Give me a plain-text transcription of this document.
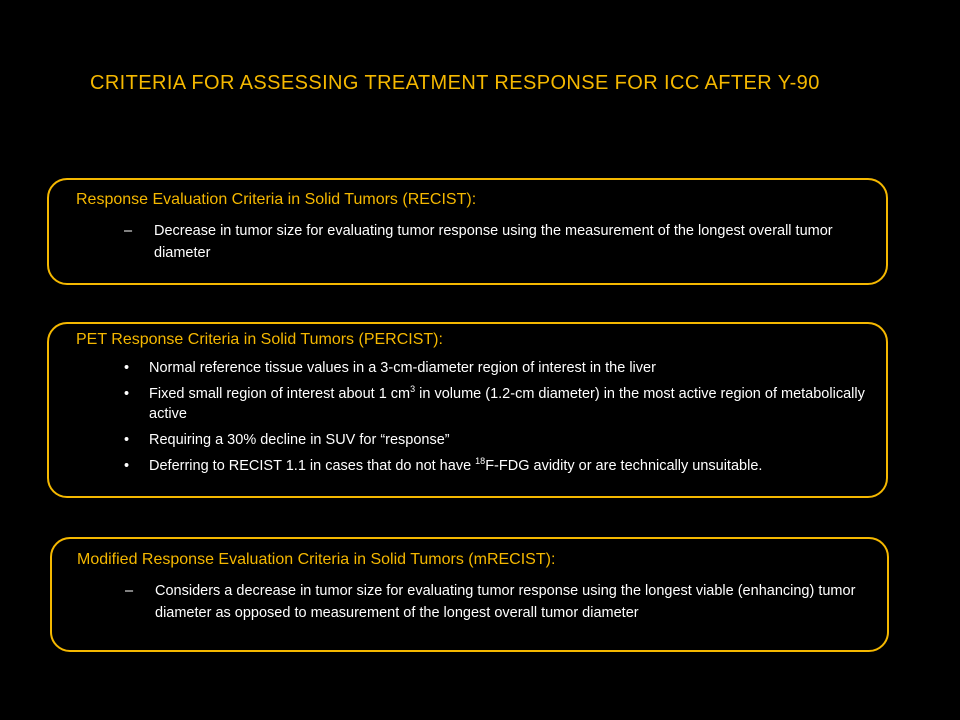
CRITERIA FOR ASSESSING TREATMENT RESPONSE FOR ICC AFTER Y-90
Response Evaluation Criteria in Solid Tumors (RECIST):
– Decrease in tumor size for evaluating tumor response using the measurement of the longest overall tumor diameter
PET Response Criteria in Solid Tumors (PERCIST):
• Normal reference tissue values in a 3-cm-diameter region of interest in the liver
• Fixed small region of interest about 1 $cm^3$ in volume (1.2-cm diameter) in the most active region of metabolically active
• Requiring a 30% decline in SUV for “response”
• Deferring to RECIST 1.1 in cases that do not have $^{18}$F-FDG avidity or are technically unsuitable.
Modified Response Evaluation Criteria in Solid Tumors (mRECIST):
– Considers a decrease in tumor size for evaluating tumor response using the longest viable (enhancing) tumor diameter as opposed to measurement of the longest overall tumor diameter
